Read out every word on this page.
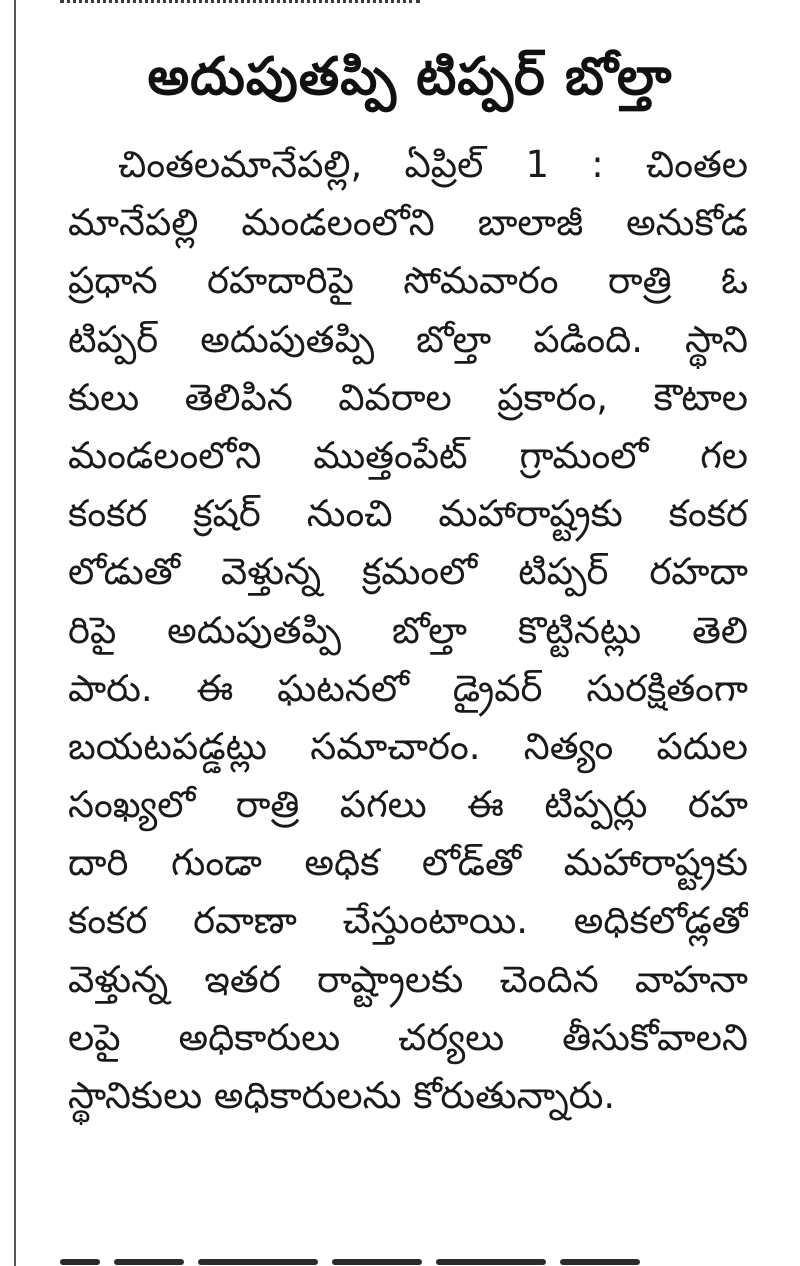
అదుపుతప్పి టిప్పర్ బోల్తా
చింతలమానేపల్లి, ఏప్రిల్ 1 : చింతల
మానేపల్లి మండలంలోని బాలాజీ అనుకోడ
ప్రధాన రహదారిపై సోమవారం రాత్రి ఓ
టిప్పర్ అదుపుతప్పి బోల్తా పడింది. స్థాని
కులు తెలిపిన వివరాల ప్రకారం, కౌటాల
మండలంలోని ముత్తంపేట్ గ్రామంలో గల
కంకర క్రషర్ నుంచి మహారాష్ట్రకు కంకర
లోడుతో వెళ్తున్న క్రమంలో టిప్పర్ రహదా
రిపై అదుపుతప్పి బోల్తా కొట్టినట్లు తెలి
పారు. ఈ ఘటనలో డ్రైవర్ సురక్షితంగా
బయటపడ్డట్లు సమాచారం. నిత్యం పదుల
సంఖ్యలో రాత్రి పగలు ఈ టిప్పర్లు రహ
దారి గుండా అధిక లోడ్‌తో మహారాష్ట్రకు
కంకర రవాణా చేస్తుంటాయి. అధికలోడ్లతో
వెళ్తున్న ఇతర రాష్ట్రాలకు చెందిన వాహనా
లపై అధికారులు చర్యలు తీసుకోవాలని
స్థానికులు అధికారులను కోరుతున్నారు.
